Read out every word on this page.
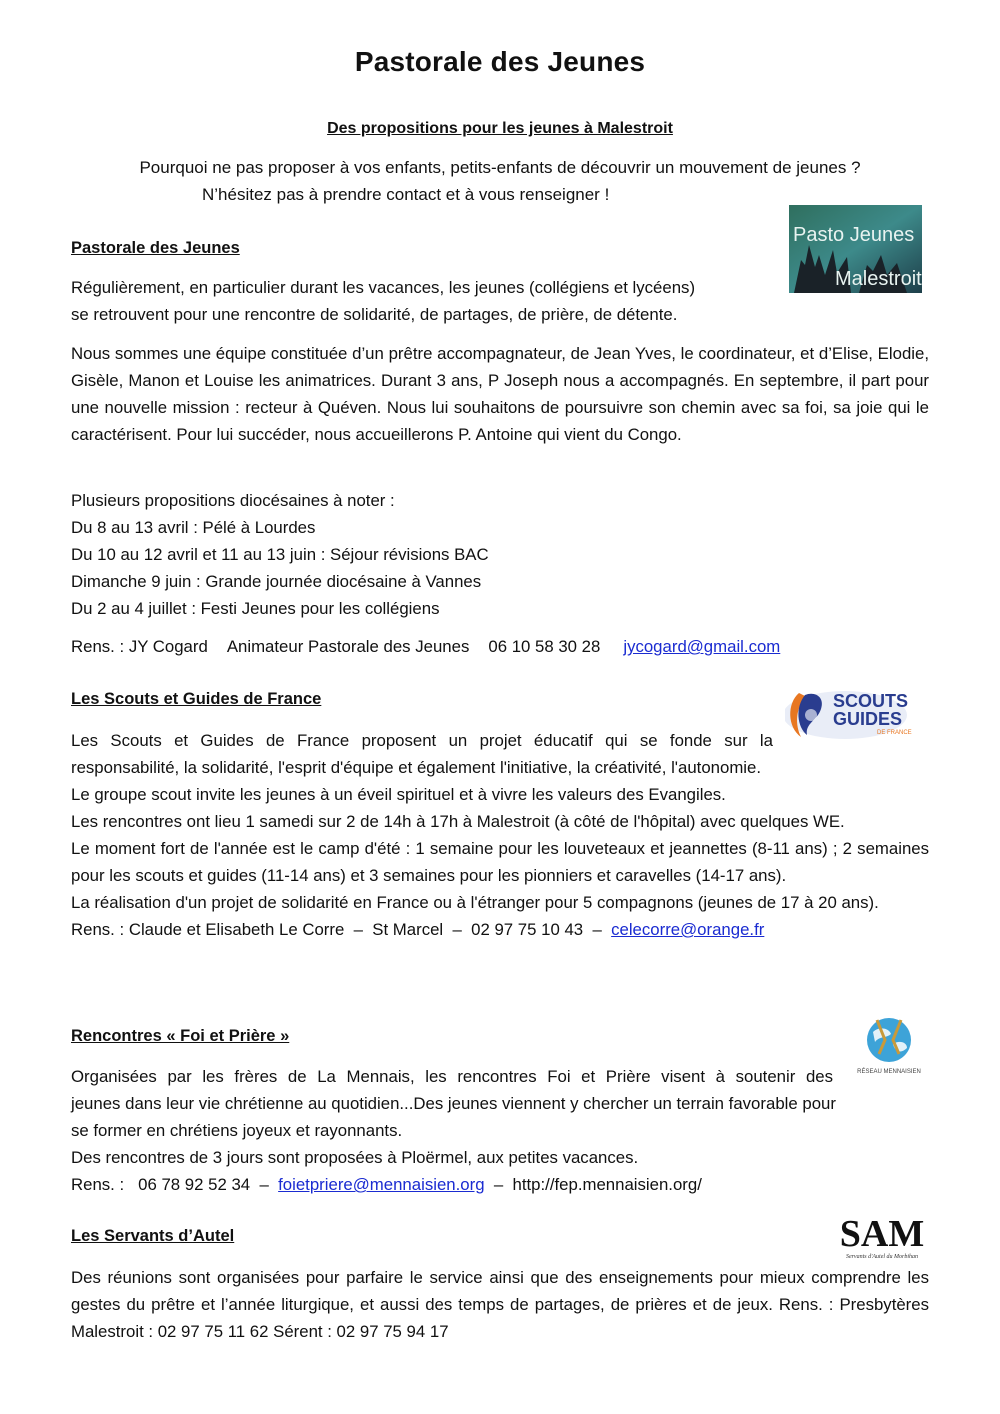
Pastorale des Jeunes
Des propositions pour les jeunes à Malestroit
Pourquoi ne pas proposer à vos enfants, petits-enfants de découvrir un mouvement de jeunes ?
N’hésitez pas à prendre contact et à vous renseigner !
Pastorale des Jeunes
Pasto Jeunes
Malestroit
Régulièrement, en particulier durant les vacances, les jeunes (collégiens et lycéens)
se retrouvent pour une rencontre de solidarité, de partages, de prière, de détente.
Nous sommes une équipe constituée d’un prêtre accompagnateur, de Jean Yves, le coordinateur, et d’Elise, Elodie, Gisèle, Manon et Louise les animatrices. Durant 3 ans, P Joseph nous a accompagnés. En septembre, il part pour une nouvelle mission : recteur à Quéven. Nous lui souhaitons de poursuivre son chemin avec sa foi, sa joie qui le caractérisent. Pour lui succéder, nous accueillerons P. Antoine qui vient du Congo.
Plusieurs propositions diocésaines à noter :
Du 8 au 13 avril : Pélé à Lourdes
Du 10 au 12 avril et 11 au 13 juin : Séjour révisions BAC
Dimanche 9 juin : Grande journée diocésaine à Vannes
Du 2 au 4 juillet : Festi Jeunes pour les collégiens
Rens. : JY Cogard Animateur Pastorale des Jeunes 06 10 58 30 28 jycogard@gmail.com
Les Scouts et Guides de France	SCOUTS
GUIDES
DE FRANCE
Les Scouts et Guides de France proposent un projet éducatif qui se fonde sur la
responsabilité, la solidarité, l'esprit d'équipe et également l'initiative, la créativité, l'autonomie.
Le groupe scout invite les jeunes à un éveil spirituel et à vivre les valeurs des Evangiles.
Les rencontres ont lieu 1 samedi sur 2 de 14h à 17h à Malestroit (à côté de l'hôpital) avec quelques WE.
Le moment fort de l'année est le camp d'été : 1 semaine pour les louveteaux et jeannettes (8-11 ans) ; 2 semaines pour les scouts et guides (11-14 ans) et 3 semaines pour les pionniers et caravelles (14-17 ans).
La réalisation d'un projet de solidarité en France ou à l'étranger pour 5 compagnons (jeunes de 17 à 20 ans).
Rens. : Claude et Elisabeth Le Corre  –  St Marcel  –  02 97 75 10 43  –  celecorre@orange.fr
Rencontres « Foi et Prière »
RÉSEAU MENNAISIEN
Organisées par les frères de La Mennais, les rencontres Foi et Prière visent à soutenir des
jeunes dans leur vie chrétienne au quotidien...Des jeunes viennent y chercher un terrain favorable pour
se former en chrétiens joyeux et rayonnants.
Des rencontres de 3 jours sont proposées à Ploërmel, aux petites vacances.
Rens. :   06 78 92 52 34  –  foietpriere@mennaisien.org  –  http://fep.mennaisien.org/
Les Servants d’Autel	SAM
Servants d'Autel du Morbihan
Des réunions sont organisées pour parfaire le service ainsi que des enseignements pour mieux comprendre les gestes du prêtre et l’année liturgique, et aussi des temps de partages, de prières et de jeux. Rens. : Presbytères Malestroit : 02 97 75 11 62 Sérent : 02 97 75 94 17
